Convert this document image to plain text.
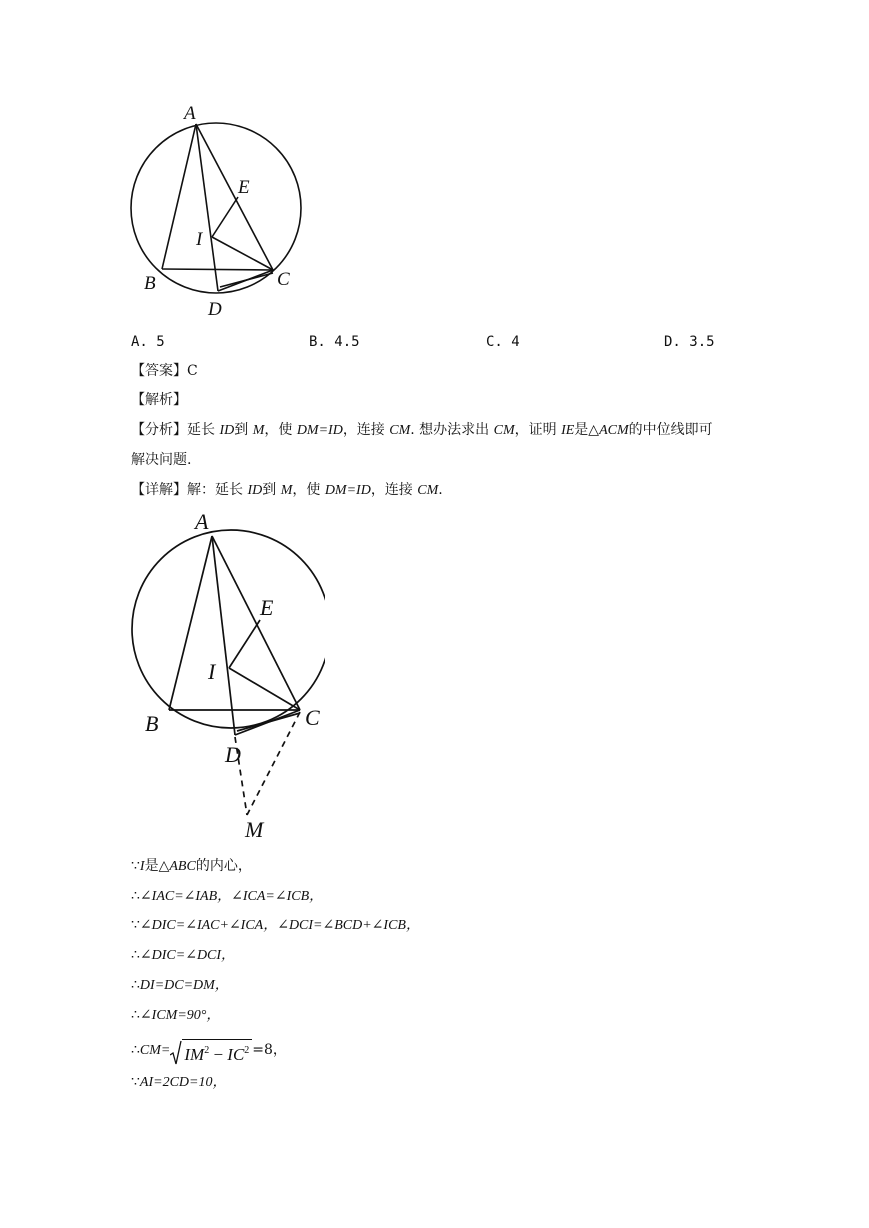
A
E
I
B	C
D
A. 5	B. 4.5	C. 4	D. 3.5
【答案】C
【解析】
【分析】延长 ID到 M，使 DM=ID，连接 CM. 想办法求出 CM，证明 IE是△ACM的中位线即可
解决问题.
【详解】解：延长 ID到 M，使 DM=ID，连接 CM.
A
E
I
B	C
D
M
∵I是△ABC的内心，
∴∠IAC=∠IAB，∠ICA=∠ICB，
∵∠DIC=∠IAC+∠ICA，∠DCI=∠BCD+∠ICB，
∴∠DIC=∠DCI，
∴DI=DC=DM，
∴∠ICM=90°，
∴CM= $IM^2 - IC^2 =8$，
∵AI=2CD=10，
